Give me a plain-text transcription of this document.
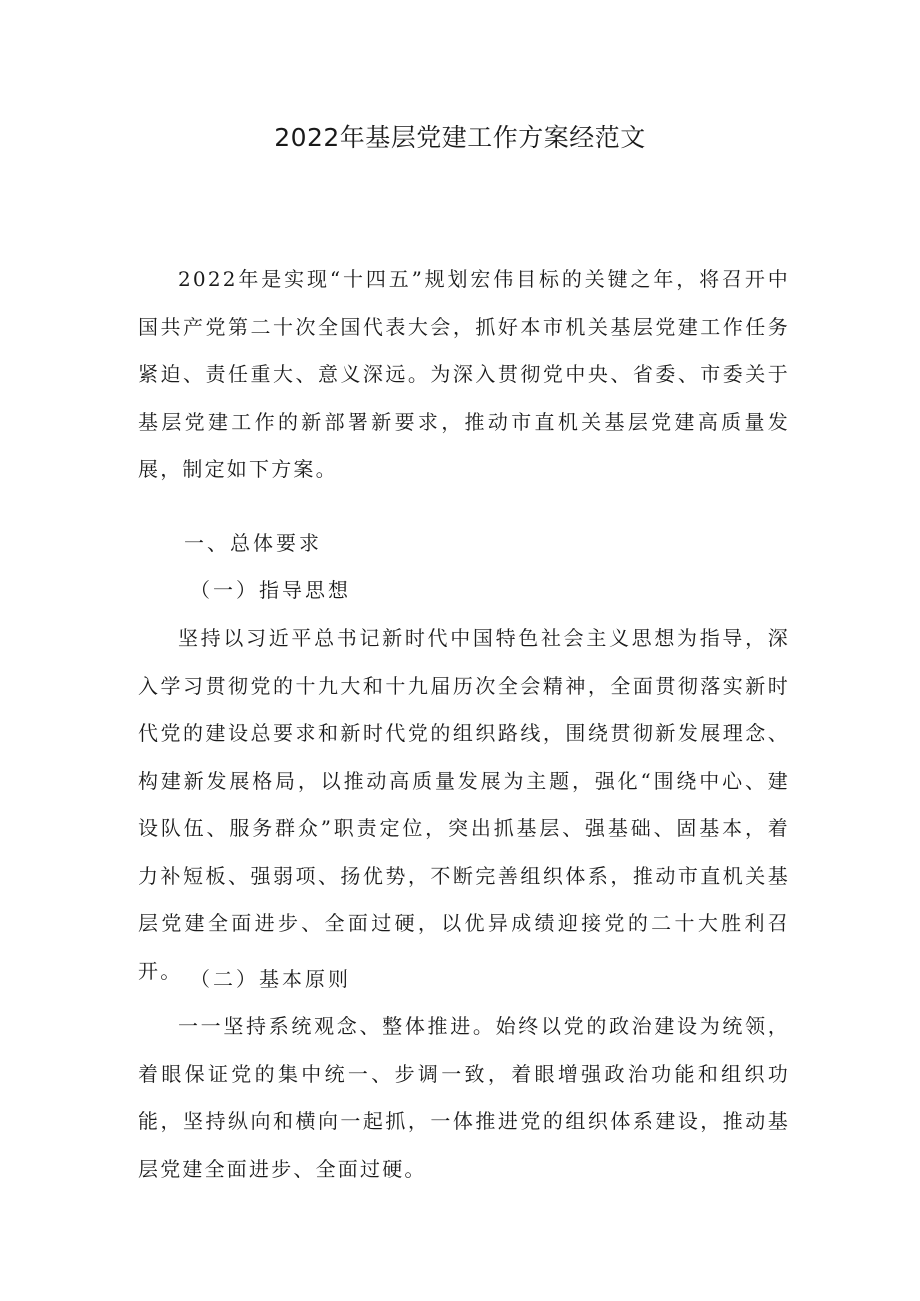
2022年基层党建工作方案经范文

2022年是实现“十四五”规划宏伟目标的关键之年，将召开中国共产党第二十次全国代表大会，抓好本市机关基层党建工作任务紧迫、责任重大、意义深远。为深入贯彻党中央、省委、市委关于基层党建工作的新部署新要求，推动市直机关基层党建高质量发展，制定如下方案。

一、总体要求

（一）指导思想

坚持以习近平总书记新时代中国特色社会主义思想为指导，深入学习贯彻党的十九大和十九届历次全会精神，全面贯彻落实新时代党的建设总要求和新时代党的组织路线，围绕贯彻新发展理念、构建新发展格局，以推动高质量发展为主题，强化“围绕中心、建设队伍、服务群众”职责定位，突出抓基层、强基础、固基本，着力补短板、强弱项、扬优势，不断完善组织体系，推动市直机关基层党建全面进步、全面过硬，以优异成绩迎接党的二十大胜利召开。 （二）基本原则

一一坚持系统观念、整体推进。始终以党的政治建设为统领，着眼保证党的集中统一、步调一致，着眼增强政治功能和组织功能，坚持纵向和横向一起抓，一体推进党的组织体系建设，推动基层党建全面进步、全面过硬。
